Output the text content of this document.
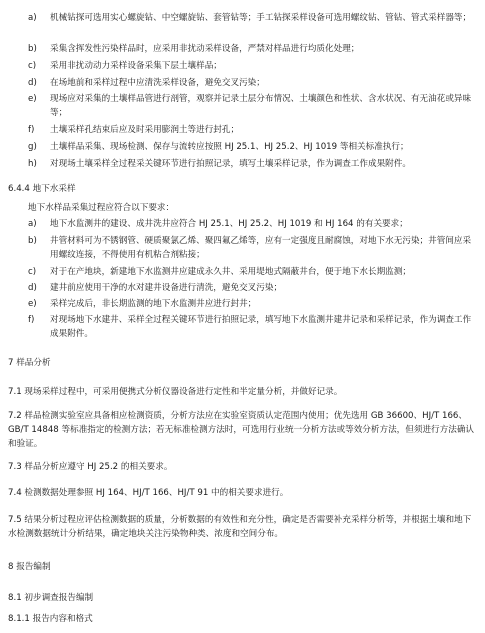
a)	机械钻探可选用实心螺旋钻、中空螺旋钻、套管钻等；手工钻探采样设备可选用螺纹钻、管钻、管式采样器等；
b)	采集含挥发性污染样品时，应采用非扰动采样设备，严禁对样品进行均质化处理；
c)	采用非扰动动力采样设备采集下层土壤样品；
d)	在场地前和采样过程中应清洗采样设备，避免交叉污染；
e)	现场应对采集的土壤样品管进行剖管，观察并记录土层分布情况、土壤颜色和性状、含水状况、有无油花或异味等；
f)	土壤采样孔结束后应及时采用膨润土等进行封孔；
g)	土壤样品采集、现场检测、保存与流转应按照 HJ 25.1、HJ 25.2、HJ 1019 等相关标准执行；
h)	对现场土壤采样全过程采关键环节进行拍照记录，填写土壤采样记录，作为调查工作成果附件。
6.4.4 地下水采样
地下水样品采集过程应符合以下要求：
a)	地下水监测井的建设、成井洗井应符合 HJ 25.1、HJ 25.2、HJ 1019 和 HJ 164 的有关要求；
b)	井管材料可为不锈钢管、硬质聚氯乙烯、聚四氟乙烯等，应有一定强度且耐腐蚀，对地下水无污染；井管间应采用螺纹连接，不得使用有机粘合剂粘接；
c)	对于在产地块，新建地下水监测井应建成永久井、采用堤地式隔蔽井台，便于地下水长期监测；
d)	建井前应使用干净的水对建井设备进行清洗，避免交叉污染；
e)	采样完成后，非长期监测的地下水监测井应进行封井；
f)	对现场地下水建井、采样全过程关键环节进行拍照记录，填写地下水监测井建井记录和采样记录，作为调查工作成果附件。
7 样品分析
7.1 现场采样过程中，可采用便携式分析仪器设备进行定性和半定量分析，并做好记录。
7.2 样品检测实验室应具备相应检测资质，分析方法应在实验室资质认定范围内使用；优先选用 GB 36600、HJ/T 166、GB/T 14848 等标准指定的检测方法；若无标准检测方法时，可选用行业统一分析方法或等效分析方法，但须进行方法确认和验证。
7.3 样品分析应遵守 HJ 25.2 的相关要求。
7.4 检测数据处理参照 HJ 164、HJ/T 166、HJ/T 91 中的相关要求进行。
7.5 结果分析过程应评估检测数据的质量，分析数据的有效性和充分性，确定是否需要补充采样分析等，并根据土壤和地下水检测数据统计分析结果，确定地块关注污染物种类、浓度和空间分布。
8 报告编制
8.1 初步调查报告编制
8.1.1 报告内容和格式
